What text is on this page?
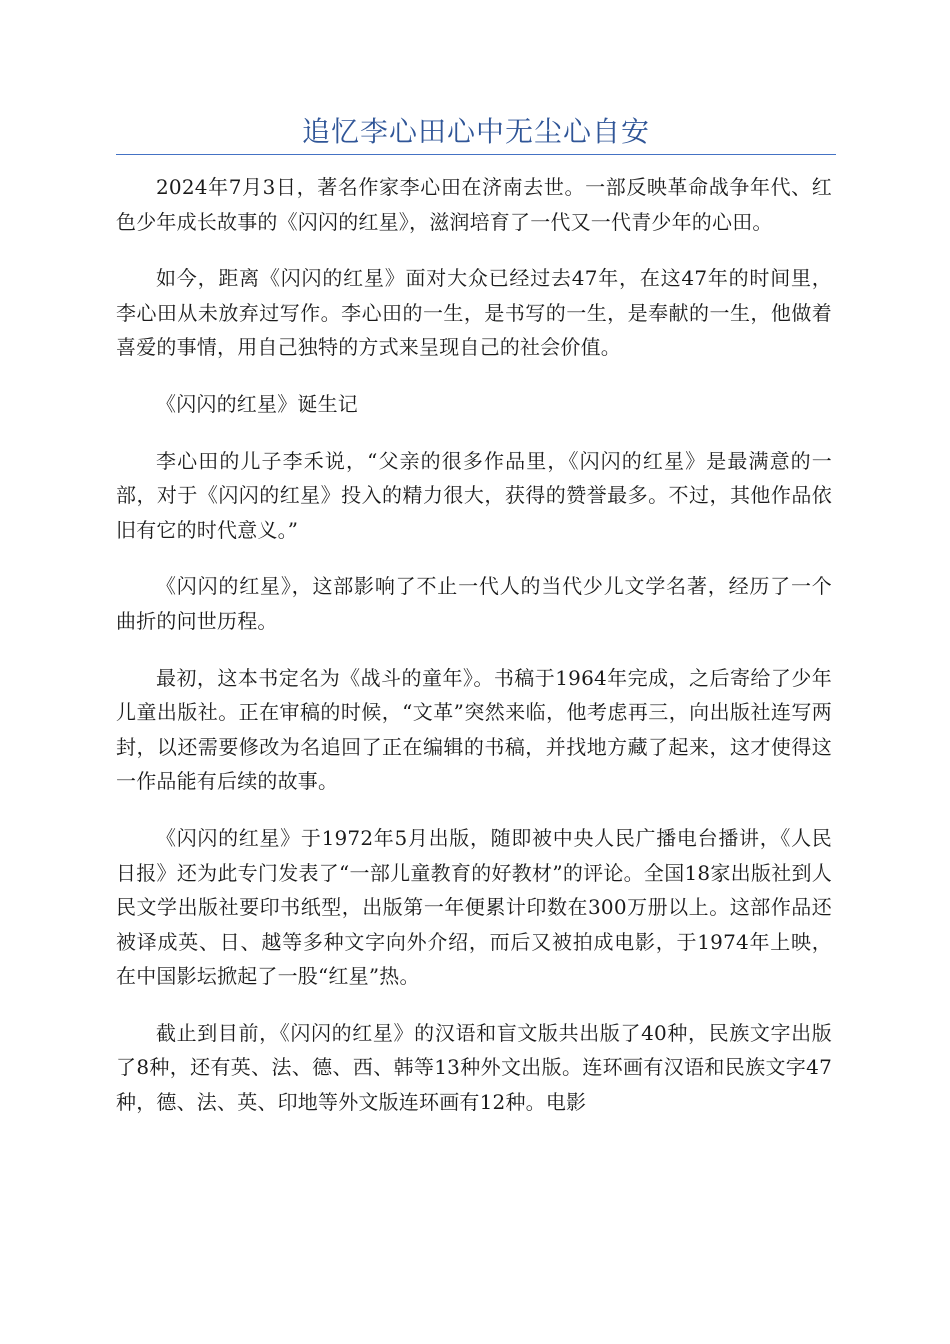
追忆李心田心中无尘心自安

2024年7月3日，著名作家李心田在济南去世。一部反映革命战争年代、红色少年成长故事的《闪闪的红星》，滋润培育了一代又一代青少年的心田。

如今，距离《闪闪的红星》面对大众已经过去47年，在这47年的时间里，李心田从未放弃过写作。李心田的一生，是书写的一生，是奉献的一生，他做着喜爱的事情，用自己独特的方式来呈现自己的社会价值。

《闪闪的红星》诞生记

李心田的儿子李禾说，“父亲的很多作品里，《闪闪的红星》是最满意的一部，对于《闪闪的红星》投入的精力很大，获得的赞誉最多。不过，其他作品依旧有它的时代意义。”

《闪闪的红星》，这部影响了不止一代人的当代少儿文学名著，经历了一个曲折的问世历程。

最初，这本书定名为《战斗的童年》。书稿于1964年完成，之后寄给了少年儿童出版社。正在审稿的时候，“文革”突然来临，他考虑再三，向出版社连写两封，以还需要修改为名追回了正在编辑的书稿，并找地方藏了起来，这才使得这一作品能有后续的故事。

《闪闪的红星》于1972年5月出版，随即被中央人民广播电台播讲，《人民日报》还为此专门发表了“一部儿童教育的好教材”的评论。全国18家出版社到人民文学出版社要印书纸型，出版第一年便累计印数在300万册以上。这部作品还被译成英、日、越等多种文字向外介绍，而后又被拍成电影，于1974年上映，在中国影坛掀起了一股“红星”热。

截止到目前，《闪闪的红星》的汉语和盲文版共出版了40种，民族文字出版了8种，还有英、法、德、西、韩等13种外文出版。连环画有汉语和民族文字47种，德、法、英、印地等外文版连环画有12种。电影
